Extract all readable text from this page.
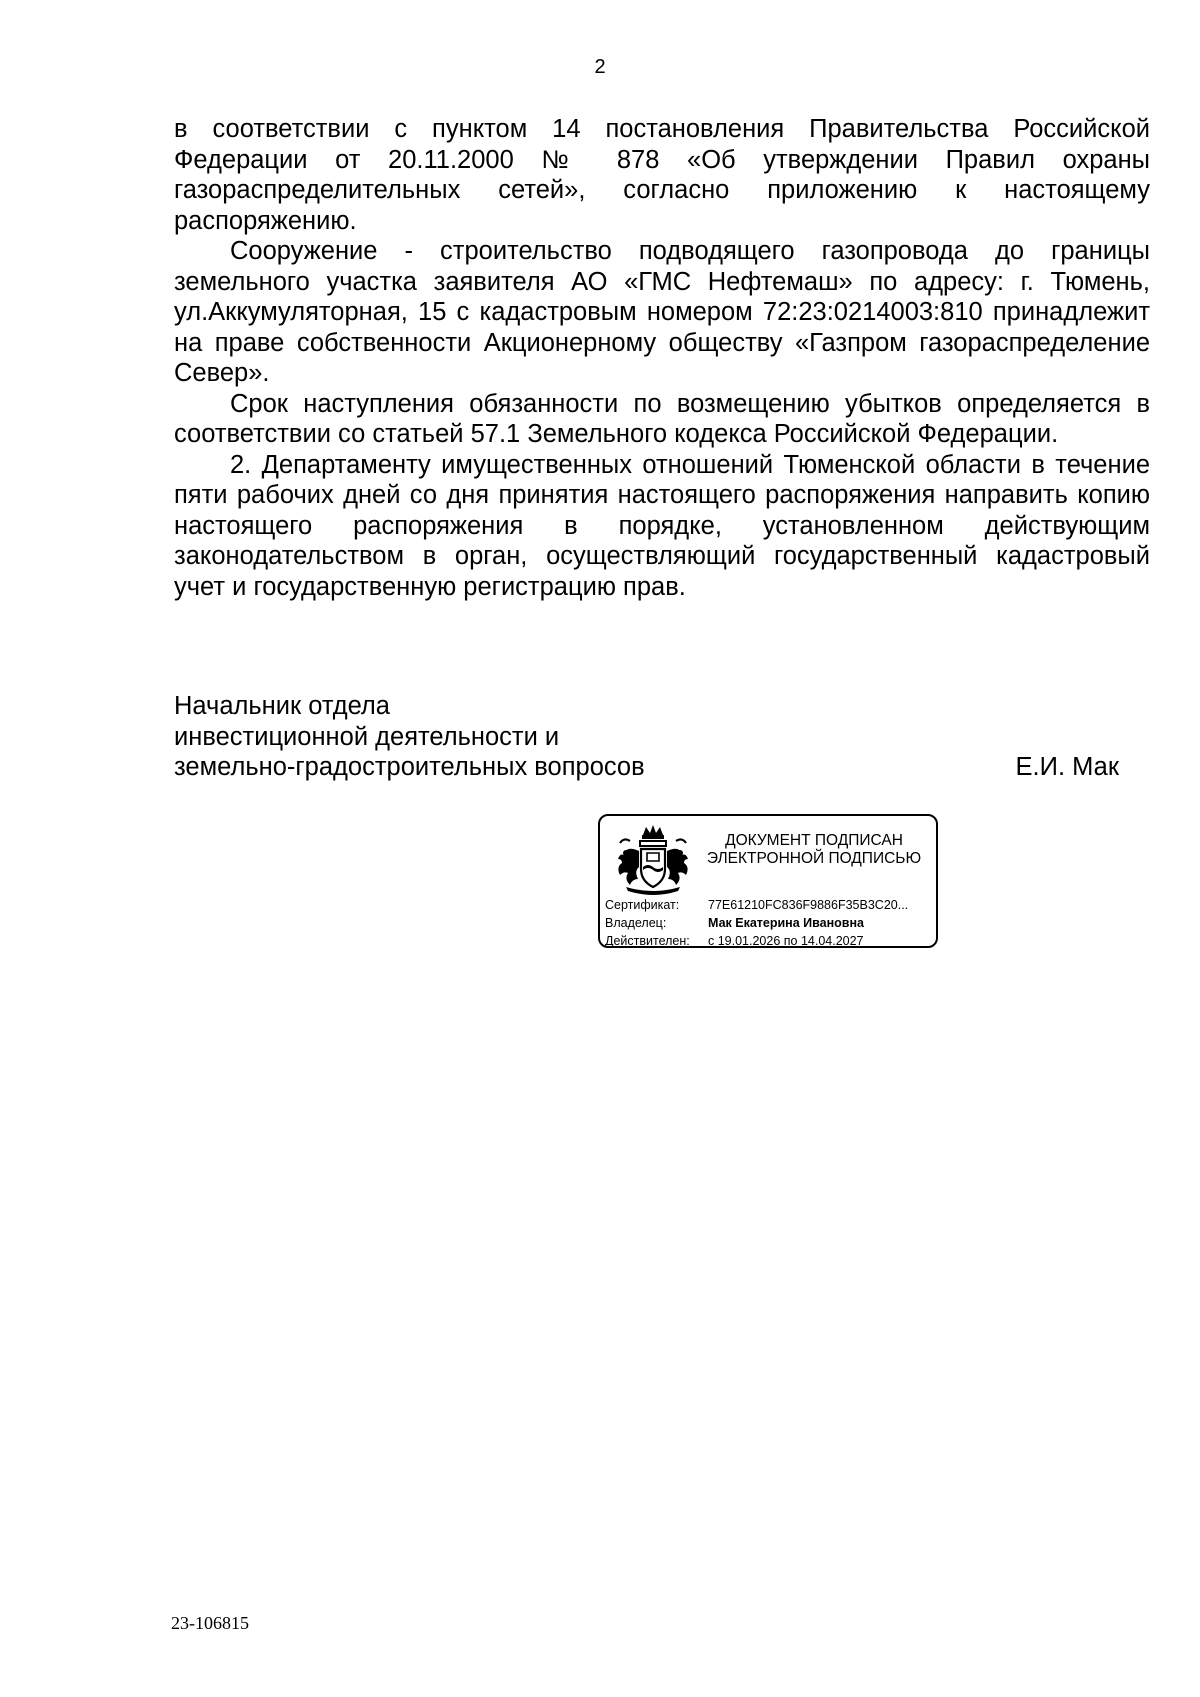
2

в соответствии с пунктом 14 постановления Правительства Российской Федерации от 20.11.2000 № 878 «Об утверждении Правил охраны газораспределительных сетей», согласно приложению к настоящему распоряжению.

Сооружение - строительство подводящего газопровода до границы земельного участка заявителя АО «ГМС Нефтемаш» по адресу: г. Тюмень, ул.Аккумуляторная, 15 с кадастровым номером 72:23:0214003:810 принадлежит на праве собственности Акционерному обществу «Газпром газораспределение Север».

Срок наступления обязанности по возмещению убытков определяется в соответствии со статьей 57.1 Земельного кодекса Российской Федерации.

2. Департаменту имущественных отношений Тюменской области в течение пяти рабочих дней со дня принятия настоящего распоряжения направить копию настоящего распоряжения в порядке, установленном действующим законодательством в орган, осуществляющий государственный кадастровый учет и государственную регистрацию прав.

Начальник отдела
инвестиционной деятельности и
земельно-градостроительных вопросов	Е.И. Мак
ДОКУМЕНТ ПОДПИСАН
ЭЛЕКТРОННОЙ ПОДПИСЬЮ
Сертификат: 77E61210FC836F9886F35B3C20...
Владелец:	Мак Екатерина Ивановна
Действителен: с 19.01.2026 по 14.04.2027
23-106815
